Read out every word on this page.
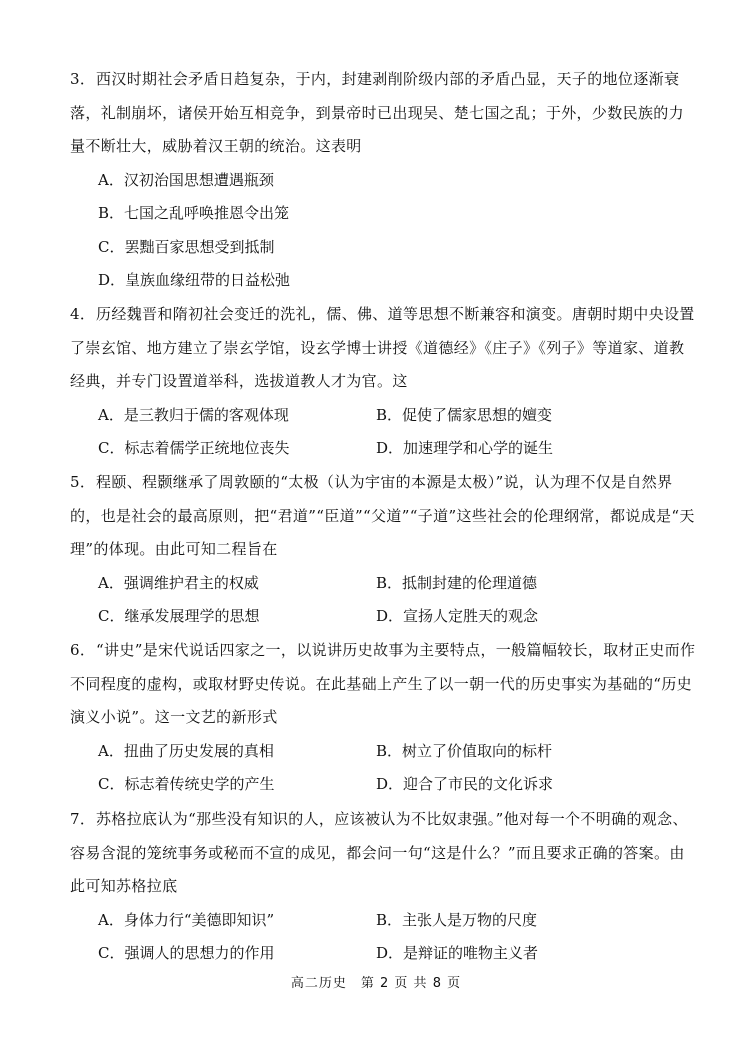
3．西汉时期社会矛盾日趋复杂，于内，封建剥削阶级内部的矛盾凸显，天子的地位逐渐衰落，礼制崩坏，诸侯开始互相竞争，到景帝时已出现吴、楚七国之乱；于外，少数民族的力量不断壮大，威胁着汉王朝的统治。这表明

A．汉初治国思想遭遇瓶颈

B．七国之乱呼唤推恩令出笼

C．罢黜百家思想受到抵制

D．皇族血缘纽带的日益松弛

4．历经魏晋和隋初社会变迁的洗礼，儒、佛、道等思想不断兼容和演变。唐朝时期中央设置了崇玄馆、地方建立了崇玄学馆，设玄学博士讲授《道德经》《庄子》《列子》等道家、道教经典，并专门设置道举科，选拔道教人才为官。这

A．是三教归于儒的客观体现	B．促使了儒家思想的嬗变
C．标志着儒学正统地位丧失	D．加速理学和心学的诞生

5．程颐、程颢继承了周敦颐的“太极（认为宇宙的本源是太极）”说，认为理不仅是自然界的，也是社会的最高原则，把“君道”“臣道”“父道”“子道”这些社会的伦理纲常，都说成是“天理”的体现。由此可知二程旨在

A．强调维护君主的权威	B．抵制封建的伦理道德
C．继承发展理学的思想	D．宣扬人定胜天的观念

6．“讲史”是宋代说话四家之一，以说讲历史故事为主要特点，一般篇幅较长，取材正史而作不同程度的虚构，或取材野史传说。在此基础上产生了以一朝一代的历史事实为基础的“历史演义小说”。这一文艺的新形式

A．扭曲了历史发展的真相	B．树立了价值取向的标杆
C．标志着传统史学的产生	D．迎合了市民的文化诉求

7．苏格拉底认为“那些没有知识的人，应该被认为不比奴隶强。”他对每一个不明确的观念、容易含混的笼统事务或秘而不宣的成见，都会问一句“这是什么？”而且要求正确的答案。由此可知苏格拉底

A．身体力行“美德即知识”	B．主张人是万物的尺度
C．强调人的思想力的作用	D．是辩证的唯物主义者
高二历史　第 2 页 共 8 页
